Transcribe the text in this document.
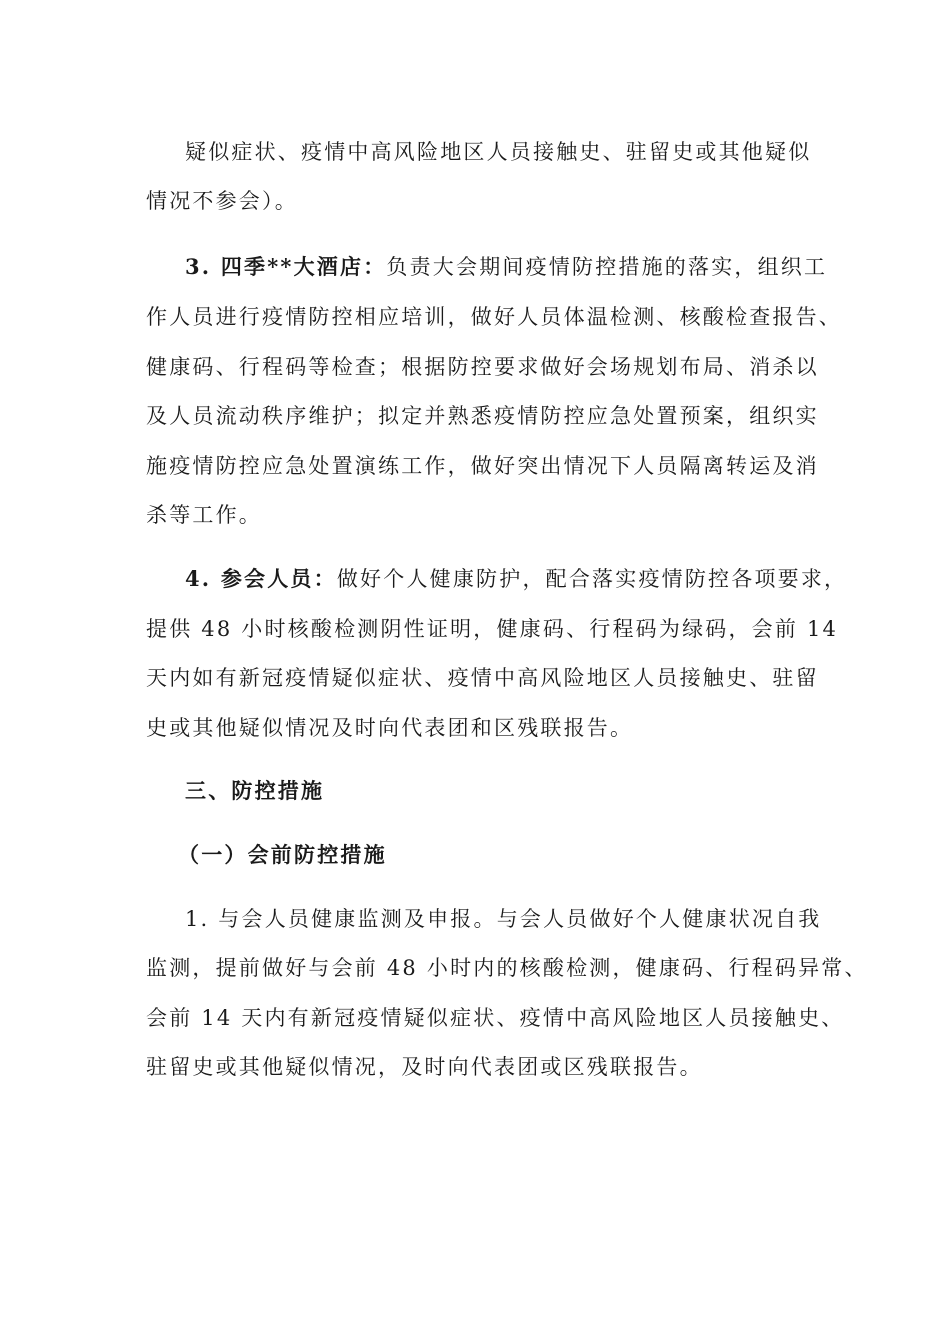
疑似症状、疫情中高风险地区人员接触史、驻留史或其他疑似
情况不参会）。
3. 四季**大酒店：负责大会期间疫情防控措施的落实，组织工
作人员进行疫情防控相应培训，做好人员体温检测、核酸检查报告、
健康码、行程码等检查；根据防控要求做好会场规划布局、消杀以
及人员流动秩序维护；拟定并熟悉疫情防控应急处置预案，组织实
施疫情防控应急处置演练工作，做好突出情况下人员隔离转运及消
杀等工作。
4. 参会人员：做好个人健康防护，配合落实疫情防控各项要求，
提供 48 小时核酸检测阴性证明，健康码、行程码为绿码，会前 14
天内如有新冠疫情疑似症状、疫情中高风险地区人员接触史、驻留
史或其他疑似情况及时向代表团和区残联报告。
三、防控措施
（一）会前防控措施
1. 与会人员健康监测及申报。与会人员做好个人健康状况自我
监测，提前做好与会前 48 小时内的核酸检测，健康码、行程码异常、
会前 14 天内有新冠疫情疑似症状、疫情中高风险地区人员接触史、
驻留史或其他疑似情况，及时向代表团或区残联报告。
